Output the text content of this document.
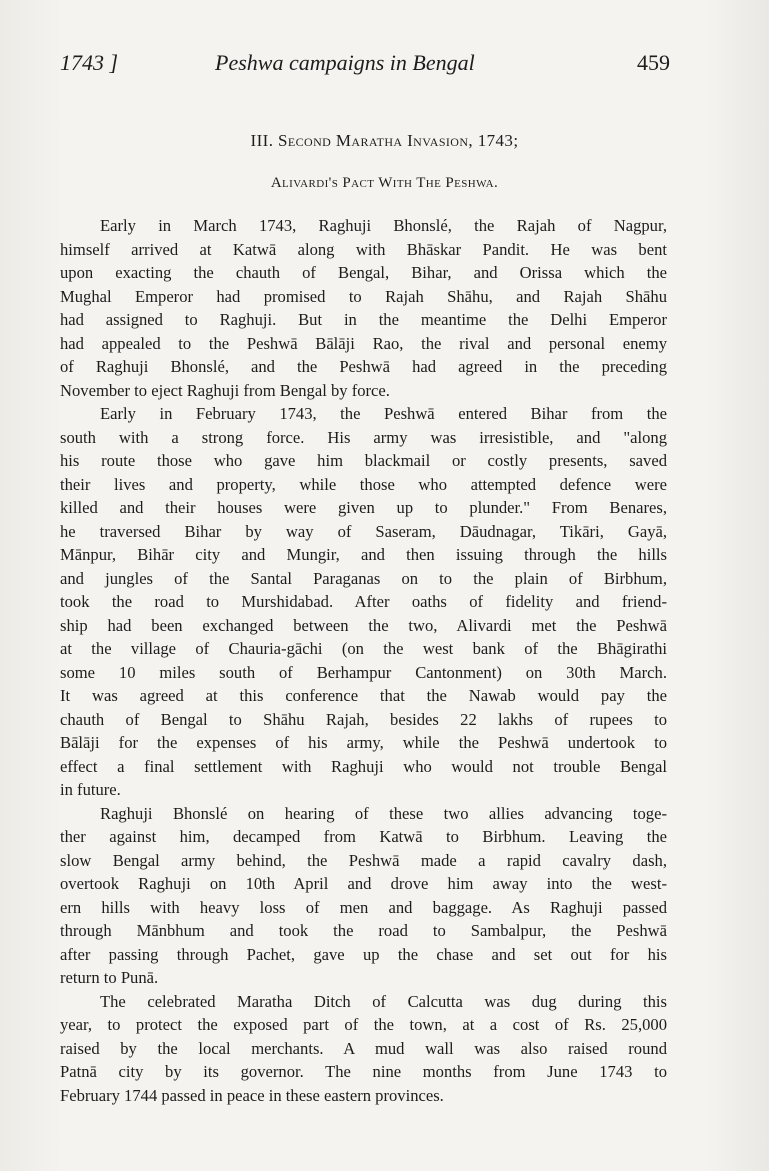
1743 ]	Peshwa campaigns in Bengal	459
III. Second Maratha Invasion, 1743;
Alivardi's Pact With The Peshwa.

Early in March 1743, Raghuji Bhonslé, the Rajah of Nagpur,
himself arrived at Katwā along with Bhāskar Pandit. He was bent
upon exacting the chauth of Bengal, Bihar, and Orissa which the
Mughal Emperor had promised to Rajah Shāhu, and Rajah Shāhu
had assigned to Raghuji. But in the meantime the Delhi Emperor
had appealed to the Peshwā Bālāji Rao, the rival and personal enemy
of Raghuji Bhonslé, and the Peshwā had agreed in the preceding
November to eject Raghuji from Bengal by force.

Early in February 1743, the Peshwā entered Bihar from the
south with a strong force. His army was irresistible, and "along
his route those who gave him blackmail or costly presents, saved
their lives and property, while those who attempted defence were
killed and their houses were given up to plunder." From Benares,
he traversed Bihar by way of Saseram, Dāudnagar, Tikāri, Gayā,
Mānpur, Bihār city and Mungir, and then issuing through the hills
and jungles of the Santal Paraganas on to the plain of Birbhum,
took the road to Murshidabad. After oaths of fidelity and friend-
ship had been exchanged between the two, Alivardi met the Peshwā
at the village of Chauria-gāchi (on the west bank of the Bhāgirathi
some 10 miles south of Berhampur Cantonment) on 30th March.
It was agreed at this conference that the Nawab would pay the
chauth of Bengal to Shāhu Rajah, besides 22 lakhs of rupees to
Bālāji for the expenses of his army, while the Peshwā undertook to
effect a final settlement with Raghuji who would not trouble Bengal
in future.

Raghuji Bhonslé on hearing of these two allies advancing toge-
ther against him, decamped from Katwā to Birbhum. Leaving the
slow Bengal army behind, the Peshwā made a rapid cavalry dash,
overtook Raghuji on 10th April and drove him away into the west-
ern hills with heavy loss of men and baggage. As Raghuji passed
through Mānbhum and took the road to Sambalpur, the Peshwā
after passing through Pachet, gave up the chase and set out for his
return to Punā.

The celebrated Maratha Ditch of Calcutta was dug during this
year, to protect the exposed part of the town, at a cost of Rs. 25,000
raised by the local merchants. A mud wall was also raised round
Patnā city by its governor. The nine months from June 1743 to
February 1744 passed in peace in these eastern provinces.
